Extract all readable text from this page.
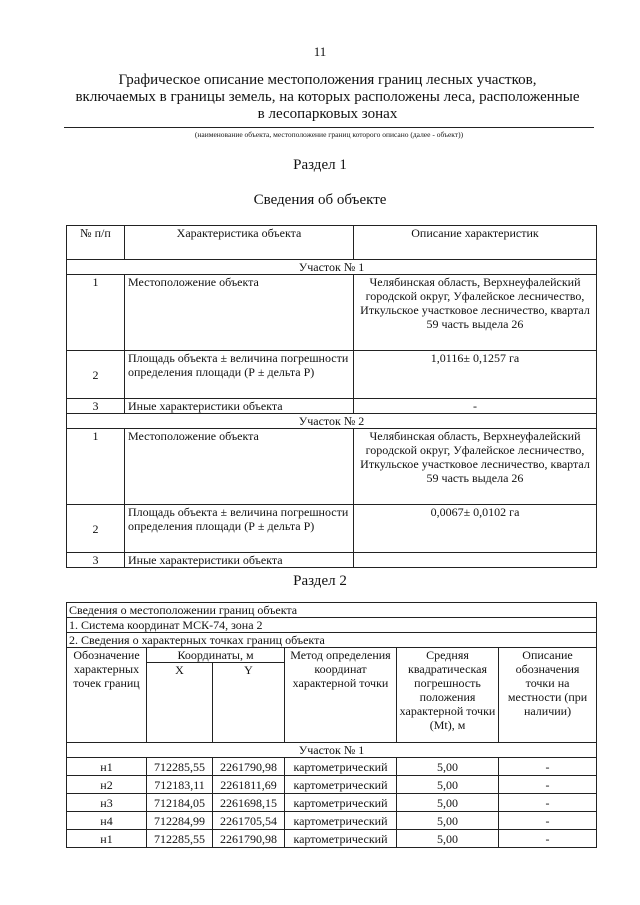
11
Графическое описание местоположения границ лесных участков,
включаемых в границы земель, на которых расположены леса, расположенные
в лесопарковых зонах
(наименование объекта, местоположение границ которого описано (далее - объект))
Раздел 1
Сведения об объекте
№ п/п	Характеристика объекта	Описание характеристик
Участок № 1		
1	Местоположение объекта	Челябинская область, Верхнеуфалейский городской округ, Уфалейское лесничество, Иткульское участковое лесничество, квартал 59 часть выдела 26
2	Площадь объекта ± величина погрешности определения площади (Р ± дельта Р)	1,0116± 0,1257 га
3	Иные характеристики объекта	-
Участок № 2		
1	Местоположение объекта	Челябинская область, Верхнеуфалейский городской округ, Уфалейское лесничество, Иткульское участковое лесничество, квартал 59 часть выдела 26
2	Площадь объекта ± величина погрешности определения площади (Р ± дельта Р)	0,0067± 0,0102 га
3	Иные характеристики объекта	
Раздел 2
Сведения о местоположении границ объекта					
1. Система координат МСК-74, зона 2					
2. Сведения о характерных точках границ объекта					
Обозначение характерных точек границ	Координаты, м		Метод определения координат характерной точки	Средняя квадратическая погрешность положения характерной точки (Mt), м	Описание обозначения точки на местности (при наличии)
	X	Y			
Участок № 1					
н1	712285,55	2261790,98	картометрический	5,00	-
н2	712183,11	2261811,69	картометрический	5,00	-
н3	712184,05	2261698,15	картометрический	5,00	-
н4	712284,99	2261705,54	картометрический	5,00	-
н1	712285,55	2261790,98	картометрический	5,00	-
